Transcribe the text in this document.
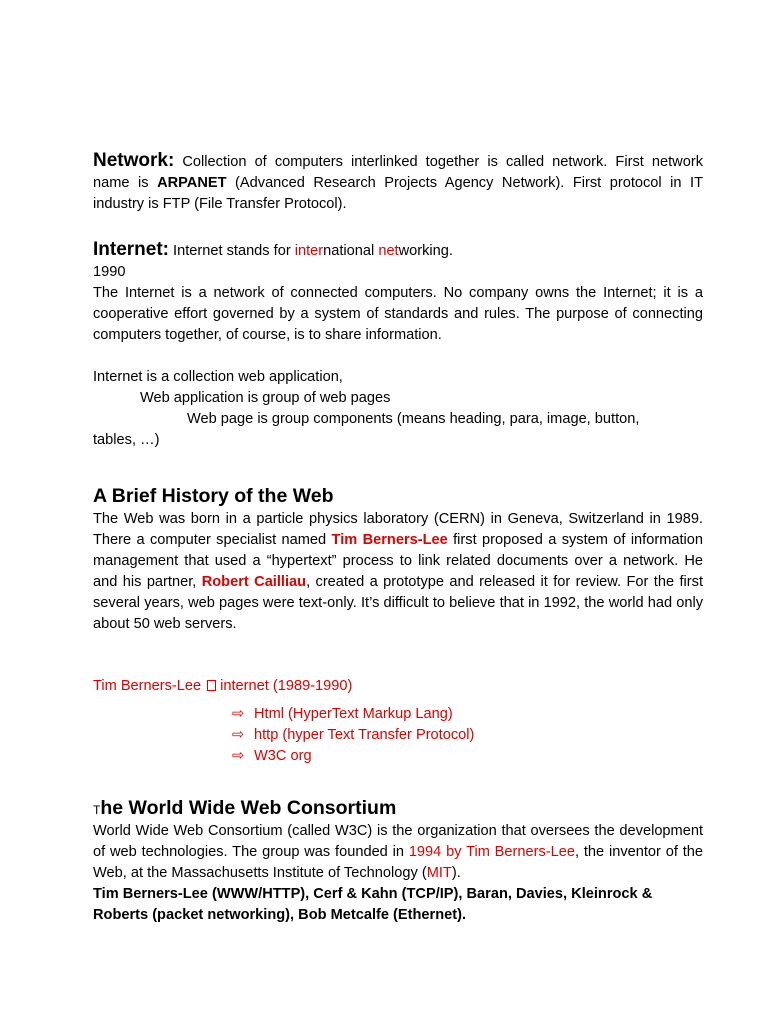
Network: Collection of computers interlinked together is called network. First network name is ARPANET (Advanced Research Projects Agency Network). First protocol in IT industry is FTP (File Transfer Protocol).
Internet: Internet stands for international networking.
1990
The Internet is a network of connected computers. No company owns the Internet; it is a cooperative effort governed by a system of standards and rules. The purpose of connecting computers together, of course, is to share information.
Internet is a collection web application,
Web application is group of web pages
Web page is group components (means heading, para, image, button,
tables, …)
A Brief History of the Web
The Web was born in a particle physics laboratory (CERN) in Geneva, Switzerland in 1989. There a computer specialist named Tim Berners-Lee first proposed a system of information management that used a “hypertext” process to link related documents over a network. He and his partner, Robert Cailliau, created a prototype and released it for review. For the first several years, web pages were text-only. It’s difficult to believe that in 1992, the world had only about 50 web servers.
Tim Berners-Lee internet (1989-1990)
⇨ Html (HyperText Markup Lang)
⇨ http (hyper Text Transfer Protocol)
⇨ W3C org
The World Wide Web Consortium
World Wide Web Consortium (called W3C) is the organization that oversees the development of web technologies. The group was founded in 1994 by Tim Berners-Lee, the inventor of the Web, at the Massachusetts Institute of Technology (MIT).
Tim Berners-Lee (WWW/HTTP), Cerf & Kahn (TCP/IP), Baran, Davies, Kleinrock & Roberts (packet networking), Bob Metcalfe (Ethernet).
